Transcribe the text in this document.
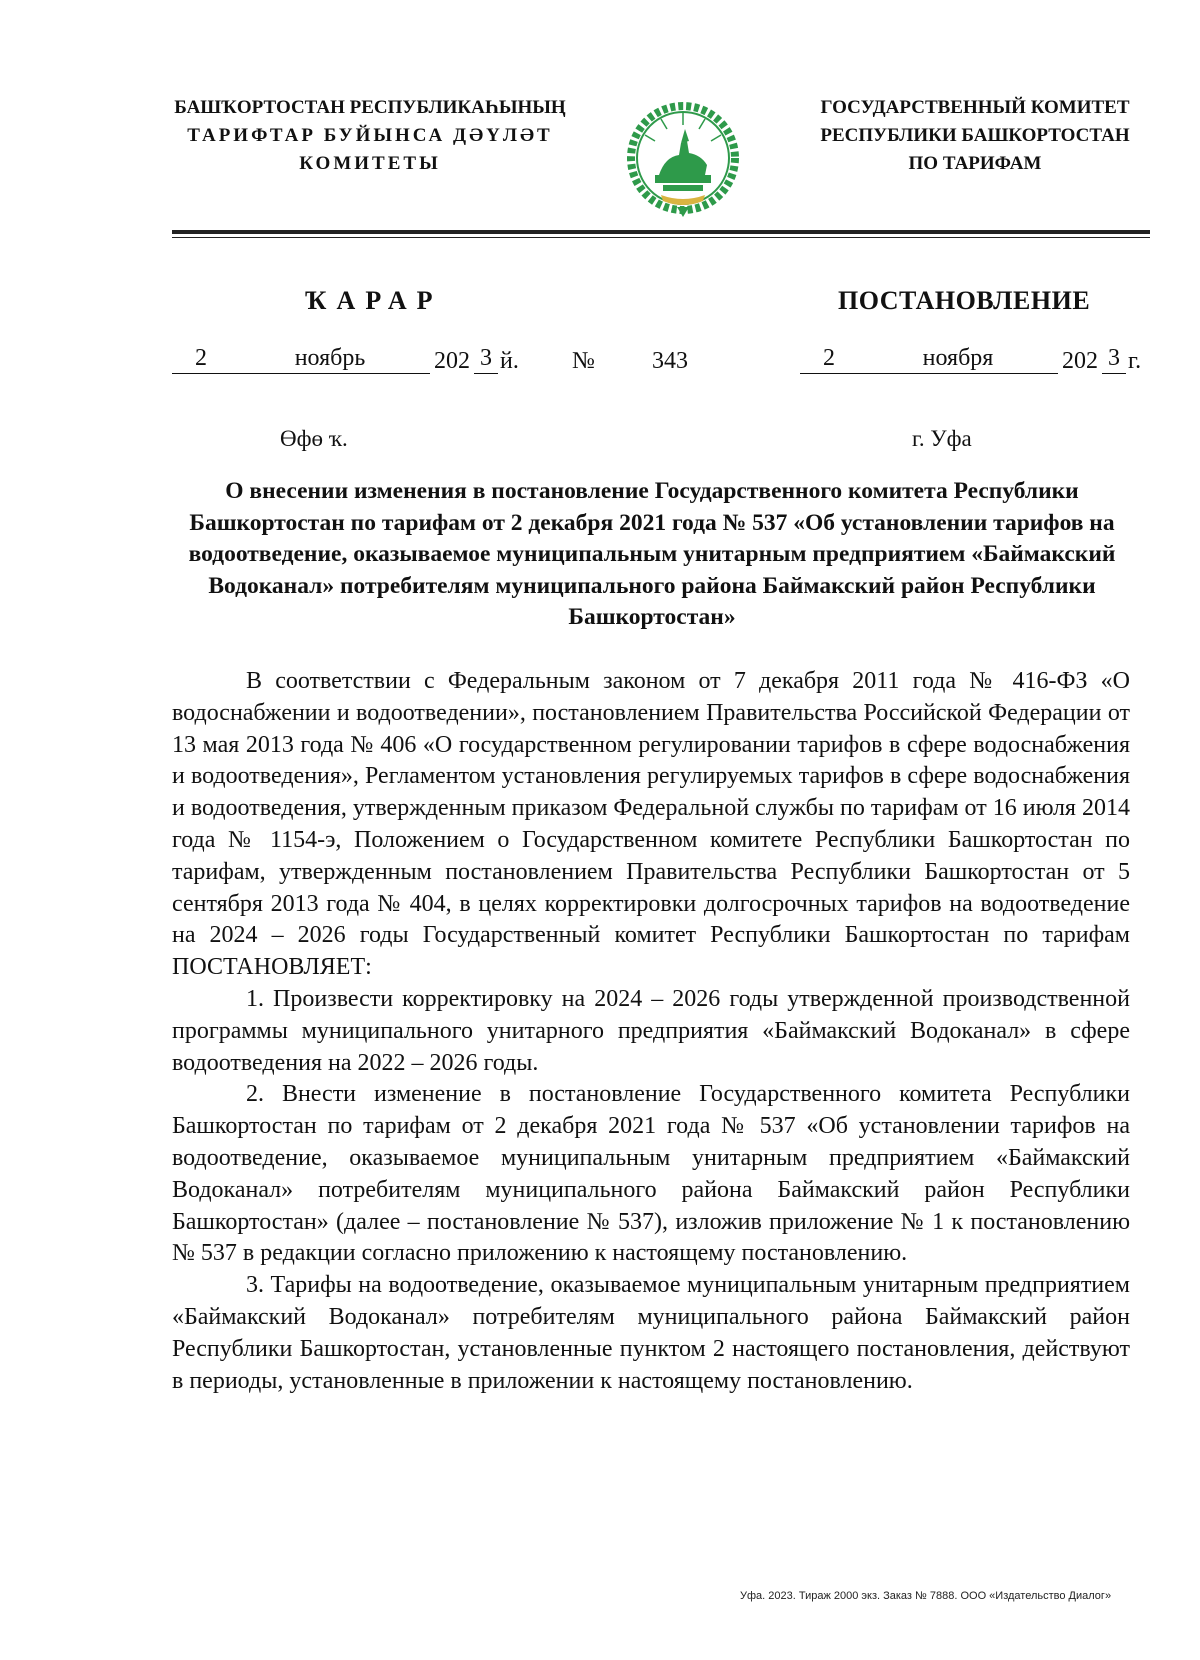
БАШҠОРТОСТАН РЕСПУБЛИКАҺЫНЫҢ
ТАРИФТАР БУЙЫНСА ДӘҮЛӘТ
КОМИТЕТЫ
ГОСУДАРСТВЕННЫЙ КОМИТЕТ
РЕСПУБЛИКИ БАШКОРТОСТАН
ПО ТАРИФАМ
ҠАРАР	ПОСТАНОВЛЕНИЕ
2	ноябрь	202 3 й. № 343	2	ноября	202 3 г.
Өфө ҡ.	г. Уфа
О внесении изменения в постановление Государственного комитета Республики Башкортостан по тарифам от 2 декабря 2021 года № 537 «Об установлении тарифов на водоотведение, оказываемое муниципальным унитарным предприятием «Баймакский Водоканал» потребителям муниципального района Баймакский район Республики Башкортостан»

В соответствии с Федеральным законом от 7 декабря 2011 года № 416-ФЗ «О водоснабжении и водоотведении», постановлением Правительства Российской Федерации от 13 мая 2013 года № 406 «О государственном регулировании тарифов в сфере водоснабжения и водоотведения», Регламентом установления регулируемых тарифов в сфере водоснабжения и водоотведения, утвержденным приказом Федеральной службы по тарифам от 16 июля 2014 года № 1154-э, Положением о Государственном комитете Республики Башкортостан по тарифам, утвержденным постановлением Правительства Республики Башкортостан от 5 сентября 2013 года № 404, в целях корректировки долгосрочных тарифов на водоотведение на 2024 – 2026 годы Государственный комитет Республики Башкортостан по тарифам ПОСТАНОВЛЯЕТ:

1. Произвести корректировку на 2024 – 2026 годы утвержденной производственной программы муниципального унитарного предприятия «Баймакский Водоканал» в сфере водоотведения на 2022 – 2026 годы.

2. Внести изменение в постановление Государственного комитета Республики Башкортостан по тарифам от 2 декабря 2021 года № 537 «Об установлении тарифов на водоотведение, оказываемое муниципальным унитарным предприятием «Баймакский Водоканал» потребителям муниципального района Баймакский район Республики Башкортостан» (далее – постановление № 537), изложив приложение № 1 к постановлению № 537 в редакции согласно приложению к настоящему постановлению.

3. Тарифы на водоотведение, оказываемое муниципальным унитарным предприятием «Баймакский Водоканал» потребителям муниципального района Баймакский район Республики Башкортостан, установленные пунктом 2 настоящего постановления, действуют в периоды, установленные в приложении к настоящему постановлению.

Уфа. 2023. Тираж 2000 экз. Заказ № 7888. ООО «Издательство Диалог»
